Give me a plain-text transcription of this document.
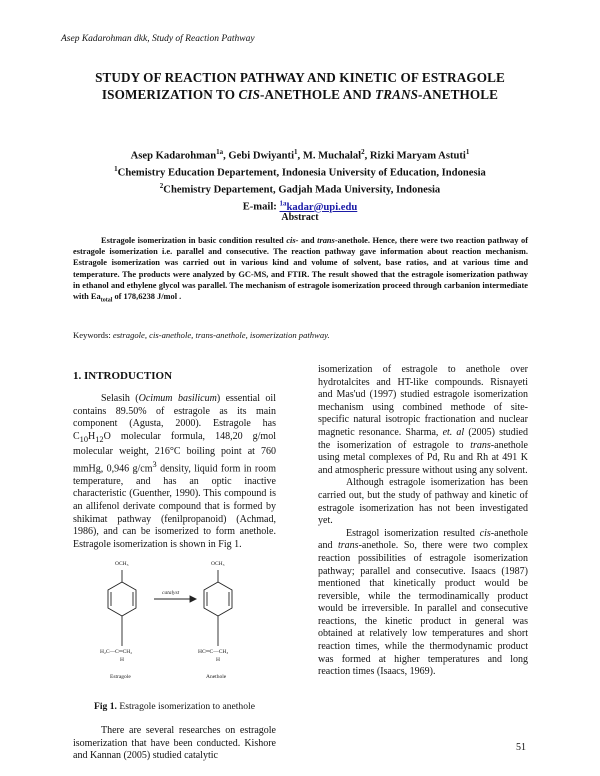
Asep Kadarohman dkk, Study of Reaction Pathway
STUDY OF REACTION PATHWAY AND KINETIC OF ESTRAGOLE
ISOMERIZATION TO CIS-ANETHOLE AND TRANS-ANETHOLE
Asep Kadarohman$^{1a}$, Gebi Dwiyanti$^1$, M. Muchalal$^2$, Rizki Maryam Astuti$^1$
$^1$Chemistry Education Departement, Indonesia University of Education, Indonesia
$^2$Chemistry Departement, Gadjah Mada University, Indonesia
E-mail: $^{1a}$kadar@upi.edu
Abstract
Estragole isomerization in basic condition resulted cis- and trans-anethole. Hence, there were two reaction pathway of estragole isomerization i.e. parallel and consecutive. The reaction pathway gave information about reaction mechanism. Estragole isomerization was carried out in various kind and volume of solvent, base ratios, and at various time and temperature. The products were analyzed by GC-MS, and FTIR. The result showed that the estragole isomerization pathway in ethanol and ethylene glycol was parallel. The mechanism of estragole isomerization proceed through carbanion intermediate with $Ea_{total}$ of 178,6238 J/mol .
Keywords: estragole, cis-anethole, trans-anethole, isomerization pathway.
1. INTRODUCTION

Selasih (Ocimum basilicum) essential oil contains 89.50% of estragole as its main component (Agusta, 2000). Estragole has $C_{10}H_{12}O$ molecular formula, 148,20 g/mol molecular weight, 216°C boiling point at 760 mmHg, 0,946 $g/cm^3$ density, liquid form in room temperature, and has an optic inactive characteristic (Guenther, 1990). This compound is an allifenol derivate compound that is formed by shikimat pathway (fenilpropanoid) (Achmad, 1986), and can be isomerized to form anethole. Estragole isomerization is shown in Fig 1.

OCH₃	OCH₃
catalyst
H₂C—C═CH₂
H
HC═C—CH₃
H
Estragole	Anethole
Fig 1. Estragole isomerization to anethole

There are several researches on estragole isomerization that have been conducted. Kishore and Kannan (2005) studied catalytic

isomerization of estragole to anethole over hydrotalcites and HT-like compounds. Risnayeti and Mas'ud (1997) studied estragole isomerization mechanism using combined methode of site-specific natural isotropic fractionation and nuclear magnetic resonance. Sharma, et. al (2005) studied the isomerization of estragole to trans-anethole using metal complexes of Pd, Ru and Rh at 491 K and atmospheric pressure without using any solvent.

Although estragole isomerization has been carried out, but the study of pathway and kinetic of estragole isomerization has not been investigated yet.

Estragol isomerization resulted cis-anethole and trans-anethole. So, there were two complex reaction possibilities of estragole isomerization pathway; parallel and consecutive. Isaacs (1987) mentioned that kinetically product would be reversible, while the termodinamically product would be irreversible. In parallel and consecutive reactions, the kinetic product in general was obtained at relatively low temperatures and short reaction times, while the thermodynamic product was formed at higher temperatures and long reaction times (Isaacs, 1969).

51
